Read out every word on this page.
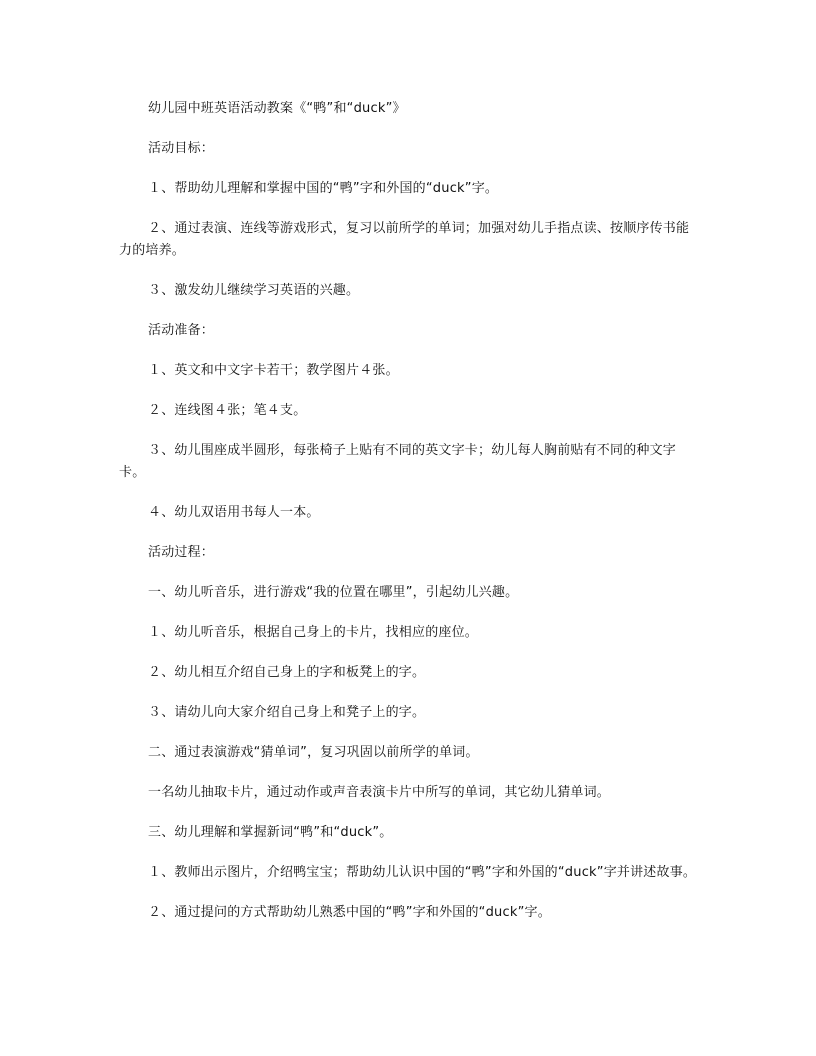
幼儿园中班英语活动教案《“鸭”和“duck”》

活动目标：

１、帮助幼儿理解和掌握中国的“鸭”字和外国的“duck”字。

２、通过表演、连线等游戏形式，复习以前所学的单词；加强对幼儿手指点读、按顺序传书能力的培养。

３、激发幼儿继续学习英语的兴趣。

活动准备：

１、英文和中文字卡若干；教学图片４张。

２、连线图４张；笔４支。

３、幼儿围座成半圆形，每张椅子上贴有不同的英文字卡；幼儿每人胸前贴有不同的种文字卡。

４、幼儿双语用书每人一本。

活动过程：

一、幼儿听音乐，进行游戏“我的位置在哪里”，引起幼儿兴趣。

１、幼儿听音乐，根据自己身上的卡片，找相应的座位。

２、幼儿相互介绍自己身上的字和板凳上的字。

３、请幼儿向大家介绍自己身上和凳子上的字。

二、通过表演游戏“猜单词”，复习巩固以前所学的单词。

一名幼儿抽取卡片，通过动作或声音表演卡片中所写的单词，其它幼儿猜单词。

三、幼儿理解和掌握新词“鸭”和“duck”。

１、教师出示图片，介绍鸭宝宝；帮助幼儿认识中国的“鸭”字和外国的“duck”字并讲述故事。

２、通过提问的方式帮助幼儿熟悉中国的“鸭”字和外国的“duck”字。
